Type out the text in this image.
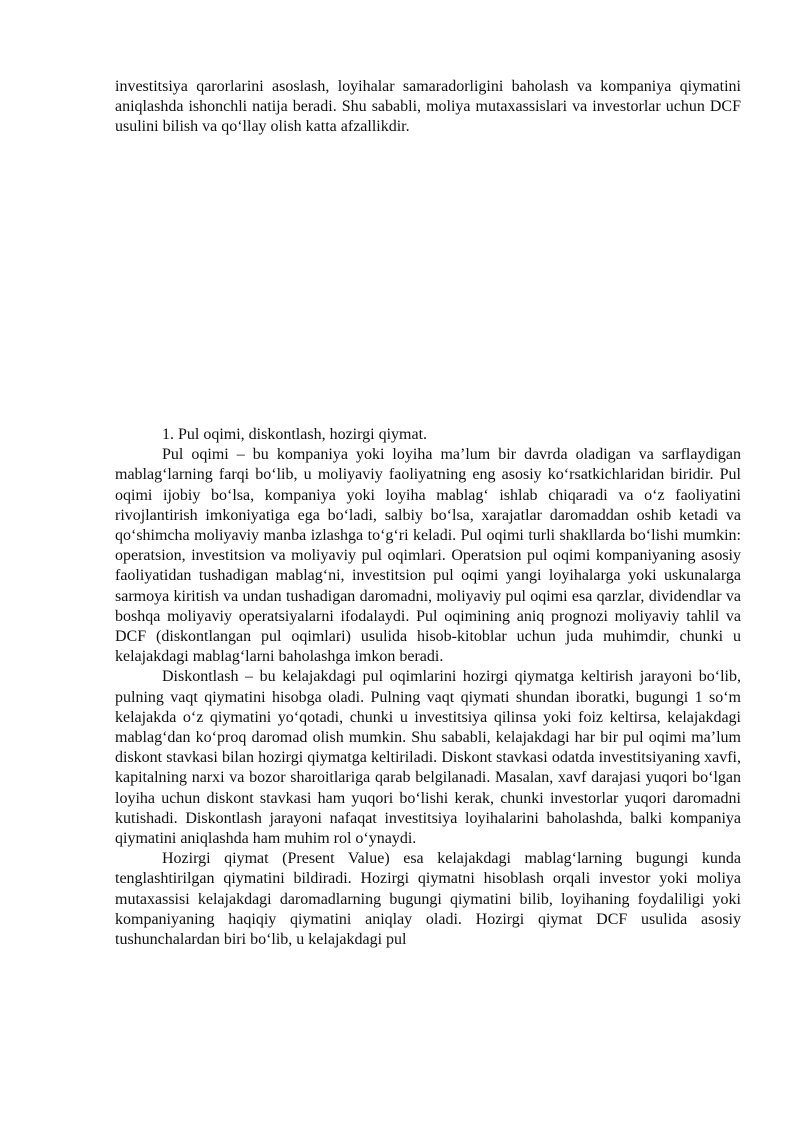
investitsiya qarorlarini asoslash, loyihalar samaradorligini baholash va kompaniya qiymatini aniqlashda ishonchli natija beradi. Shu sababli, moliya mutaxassislari va investorlar uchun DCF usulini bilish va qo‘llay olish katta afzallikdir.

1. Pul oqimi, diskontlash, hozirgi qiymat.

Pul oqimi – bu kompaniya yoki loyiha ma’lum bir davrda oladigan va sarflaydigan mablag‘larning farqi bo‘lib, u moliyaviy faoliyatning eng asosiy ko‘rsatkichlaridan biridir. Pul oqimi ijobiy bo‘lsa, kompaniya yoki loyiha mablag‘ ishlab chiqaradi va o‘z faoliyatini rivojlantirish imkoniyatiga ega bo‘ladi, salbiy bo‘lsa, xarajatlar daromaddan oshib ketadi va qo‘shimcha moliyaviy manba izlashga to‘g‘ri keladi. Pul oqimi turli shakllarda bo‘lishi mumkin: operatsion, investitsion va moliyaviy pul oqimlari. Operatsion pul oqimi kompaniyaning asosiy faoliyatidan tushadigan mablag‘ni, investitsion pul oqimi yangi loyihalarga yoki uskunalarga sarmoya kiritish va undan tushadigan daromadni, moliyaviy pul oqimi esa qarzlar, dividendlar va boshqa moliyaviy operatsiyalarni ifodalaydi. Pul oqimining aniq prognozi moliyaviy tahlil va DCF (diskontlangan pul oqimlari) usulida hisob-kitoblar uchun juda muhimdir, chunki u kelajakdagi mablag‘larni baholashga imkon beradi.

Diskontlash – bu kelajakdagi pul oqimlarini hozirgi qiymatga keltirish jarayoni bo‘lib, pulning vaqt qiymatini hisobga oladi. Pulning vaqt qiymati shundan iboratki, bugungi 1 so‘m kelajakda o‘z qiymatini yo‘qotadi, chunki u investitsiya qilinsa yoki foiz keltirsa, kelajakdagi mablag‘dan ko‘proq daromad olish mumkin. Shu sababli, kelajakdagi har bir pul oqimi ma’lum diskont stavkasi bilan hozirgi qiymatga keltiriladi. Diskont stavkasi odatda investitsiyaning xavfi, kapitalning narxi va bozor sharoitlariga qarab belgilanadi. Masalan, xavf darajasi yuqori bo‘lgan loyiha uchun diskont stavkasi ham yuqori bo‘lishi kerak, chunki investorlar yuqori daromadni kutishadi. Diskontlash jarayoni nafaqat investitsiya loyihalarini baholashda, balki kompaniya qiymatini aniqlashda ham muhim rol o‘ynaydi.

Hozirgi qiymat (Present Value) esa kelajakdagi mablag‘larning bugungi kunda tenglashtirilgan qiymatini bildiradi. Hozirgi qiymatni hisoblash orqali investor yoki moliya mutaxassisi kelajakdagi daromadlarning bugungi qiymatini bilib, loyihaning foydaliligi yoki kompaniyaning haqiqiy qiymatini aniqlay oladi. Hozirgi qiymat DCF usulida asosiy tushunchalardan biri bo‘lib, u kelajakdagi pul
